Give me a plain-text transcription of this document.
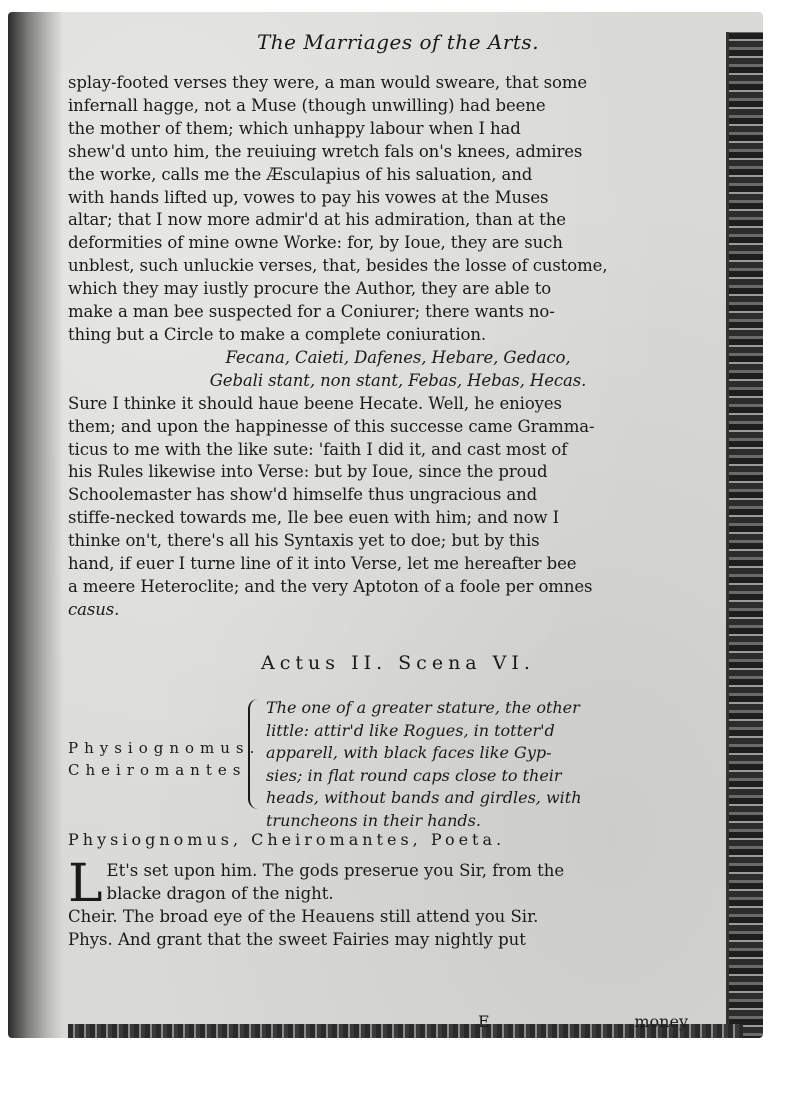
The Marriages of the Arts.
splay-footed verses they were, a man would sweare, that some
infernall hagge, not a Muse (though unwilling) had beene
the mother of them; which unhappy labour when I had
shew'd unto him, the reuiuing wretch fals on's knees, admires
the worke, calls me the Æsculapius of his saluation, and
with hands lifted up, vowes to pay his vowes at the Muses
altar; that I now more admir'd at his admiration, than at the
deformities of mine owne Worke: for, by Ioue, they are such
unblest, such unluckie verses, that, besides the losse of custome,
which they may iustly procure the Author, they are able to
make a man bee suspected for a Coniurer; there wants no-
thing but a Circle to make a complete coniuration.
Fecana, Caieti, Dafenes, Hebare, Gedaco,
Gebali stant, non stant, Febas, Hebas, Hecas.
Sure I thinke it should haue beene Hecate. Well, he enioyes
them; and upon the happinesse of this successe came Gramma-
ticus to me with the like sute: 'faith I did it, and cast most of
his Rules likewise into Verse: but by Ioue, since the proud
Schoolemaster has show'd himselfe thus ungracious and
stiffe-necked towards me, Ile bee euen with him; and now I
thinke on't, there's all his Syntaxis yet to doe; but by this
hand, if euer I turne line of it into Verse, let me hereafter bee
a meere Heteroclite; and the very Aptoton of a foole per omnes
casus.
Actus II. Scena VI.
Physiognomus.
Cheiromantes.
The one of a greater stature, the other
little: attir'd like Rogues, in totter'd
apparell, with black faces like Gyp-
sies; in flat round caps close to their
heads, without bands and girdles, with
truncheons in their hands.
Physiognomus, Cheiromantes, Poeta.
L Et's set upon him. The gods preserue you Sir, from the
blacke dragon of the night.
Cheir. The broad eye of the Heauens still attend you Sir.
Phys. And grant that the sweet Fairies may nightly put
E	money
